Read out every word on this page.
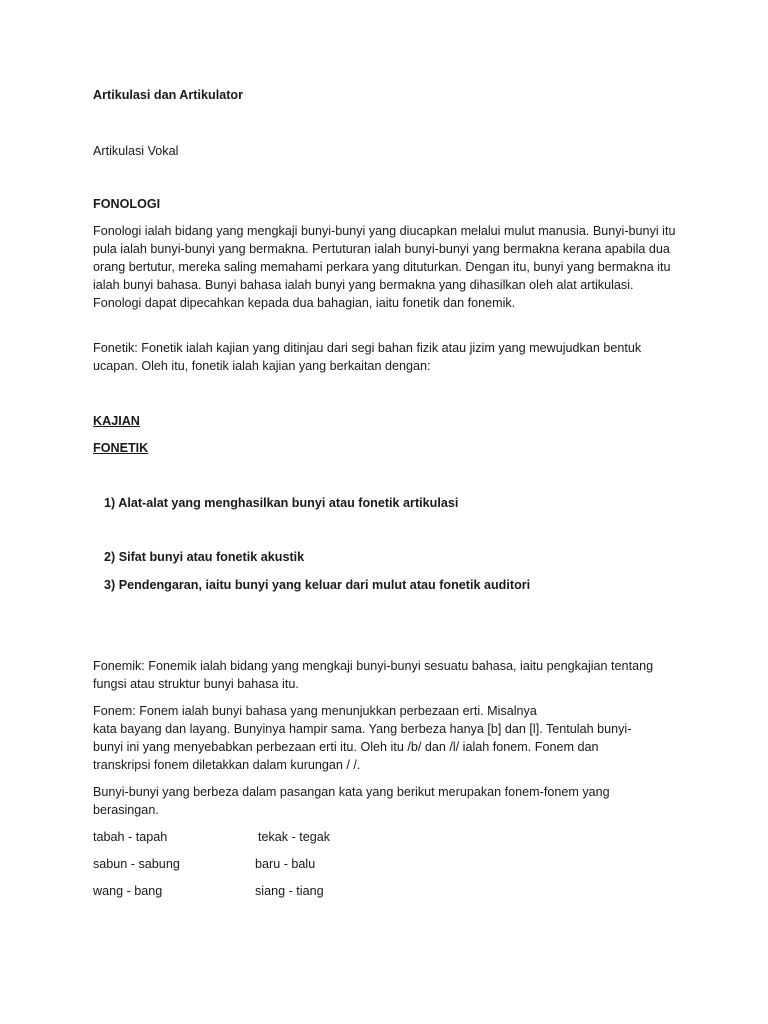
Artikulasi dan Artikulator

Artikulasi Vokal

FONOLOGI

Fonologi ialah bidang yang mengkaji bunyi-bunyi yang diucapkan melalui mulut manusia. Bunyi-bunyi itu pula ialah bunyi-bunyi yang bermakna. Pertuturan ialah bunyi-bunyi yang bermakna kerana apabila dua orang bertutur, mereka saling memahami perkara yang dituturkan. Dengan itu, bunyi yang bermakna itu ialah bunyi bahasa. Bunyi bahasa ialah bunyi yang bermakna yang dihasilkan oleh alat artikulasi. Fonologi dapat dipecahkan kepada dua bahagian, iaitu fonetik dan fonemik.

Fonetik: Fonetik ialah kajian yang ditinjau dari segi bahan fizik atau jizim yang mewujudkan bentuk ucapan. Oleh itu, fonetik ialah kajian yang berkaitan dengan:

KAJIAN

FONETIK

1) Alat-alat yang menghasilkan bunyi atau fonetik artikulasi

2) Sifat bunyi atau fonetik akustik

3) Pendengaran, iaitu bunyi yang keluar dari mulut atau fonetik auditori

Fonemik: Fonemik ialah bidang yang mengkaji bunyi-bunyi sesuatu bahasa, iaitu pengkajian tentang fungsi atau struktur bunyi bahasa itu.

Fonem: Fonem ialah bunyi bahasa yang menunjukkan perbezaan erti. Misalnya
kata bayang dan layang. Bunyinya hampir sama. Yang berbeza hanya [b] dan [l]. Tentulah bunyi-
bunyi ini yang menyebabkan perbezaan erti itu. Oleh itu /b/ dan /l/ ialah fonem. Fonem dan
transkripsi fonem diletakkan dalam kurungan / /.

Bunyi-bunyi yang berbeza dalam pasangan kata yang berikut merupakan fonem-fonem yang berasingan.

tabah - tapah	tekak - tegak
sabun - sabung	baru - balu
wang - bang	siang - tiang
